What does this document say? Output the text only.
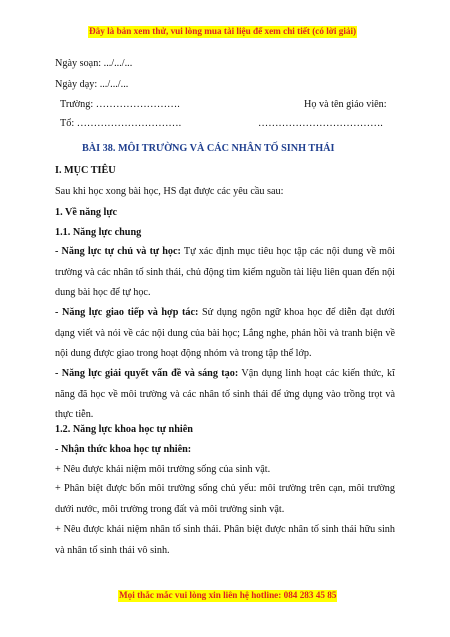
Đây là bản xem thử, vui lòng mua tài liệu để xem chi tiết (có lời giải)
Ngày soạn: .../.../...
Ngày dạy: .../.../...
Trường: …………………….	Họ và tên giáo viên:
Tổ: ………………………….	……………………………….
BÀI 38. MÔI TRƯỜNG VÀ CÁC NHÂN TỐ SINH THÁI
I. MỤC TIÊU
Sau khi học xong bài học, HS đạt được các yêu cầu sau:
1. Về năng lực
1.1. Năng lực chung
- Năng lực tự chủ và tự học: Tự xác định mục tiêu học tập các nội dung về môi trường và các nhân tố sinh thái, chủ động tìm kiếm nguồn tài liệu liên quan đến nội dung bài học để tự học.
- Năng lực giao tiếp và hợp tác: Sử dụng ngôn ngữ khoa học để diễn đạt dưới dạng viết và nói về các nội dung của bài học; Lắng nghe, phản hồi và tranh biện về nội dung được giao trong hoạt động nhóm và trong tập thể lớp.
- Năng lực giải quyết vấn đề và sáng tạo: Vận dụng linh hoạt các kiến thức, kĩ năng đã học về môi trường và các nhân tố sinh thái để ứng dụng vào trồng trọt và thực tiễn.
1.2. Năng lực khoa học tự nhiên
- Nhận thức khoa học tự nhiên:
+ Nêu được khái niệm môi trường sống của sinh vật.
+ Phân biệt được bốn môi trường sống chủ yếu: môi trường trên cạn, môi trường dưới nước, môi trường trong đất và môi trường sinh vật.
+ Nêu được khái niệm nhân tố sinh thái. Phân biệt được nhân tố sinh thái hữu sinh và nhân tố sinh thái vô sinh.
Mọi thắc mắc vui lòng xin liên hệ hotline: 084 283 45 85
